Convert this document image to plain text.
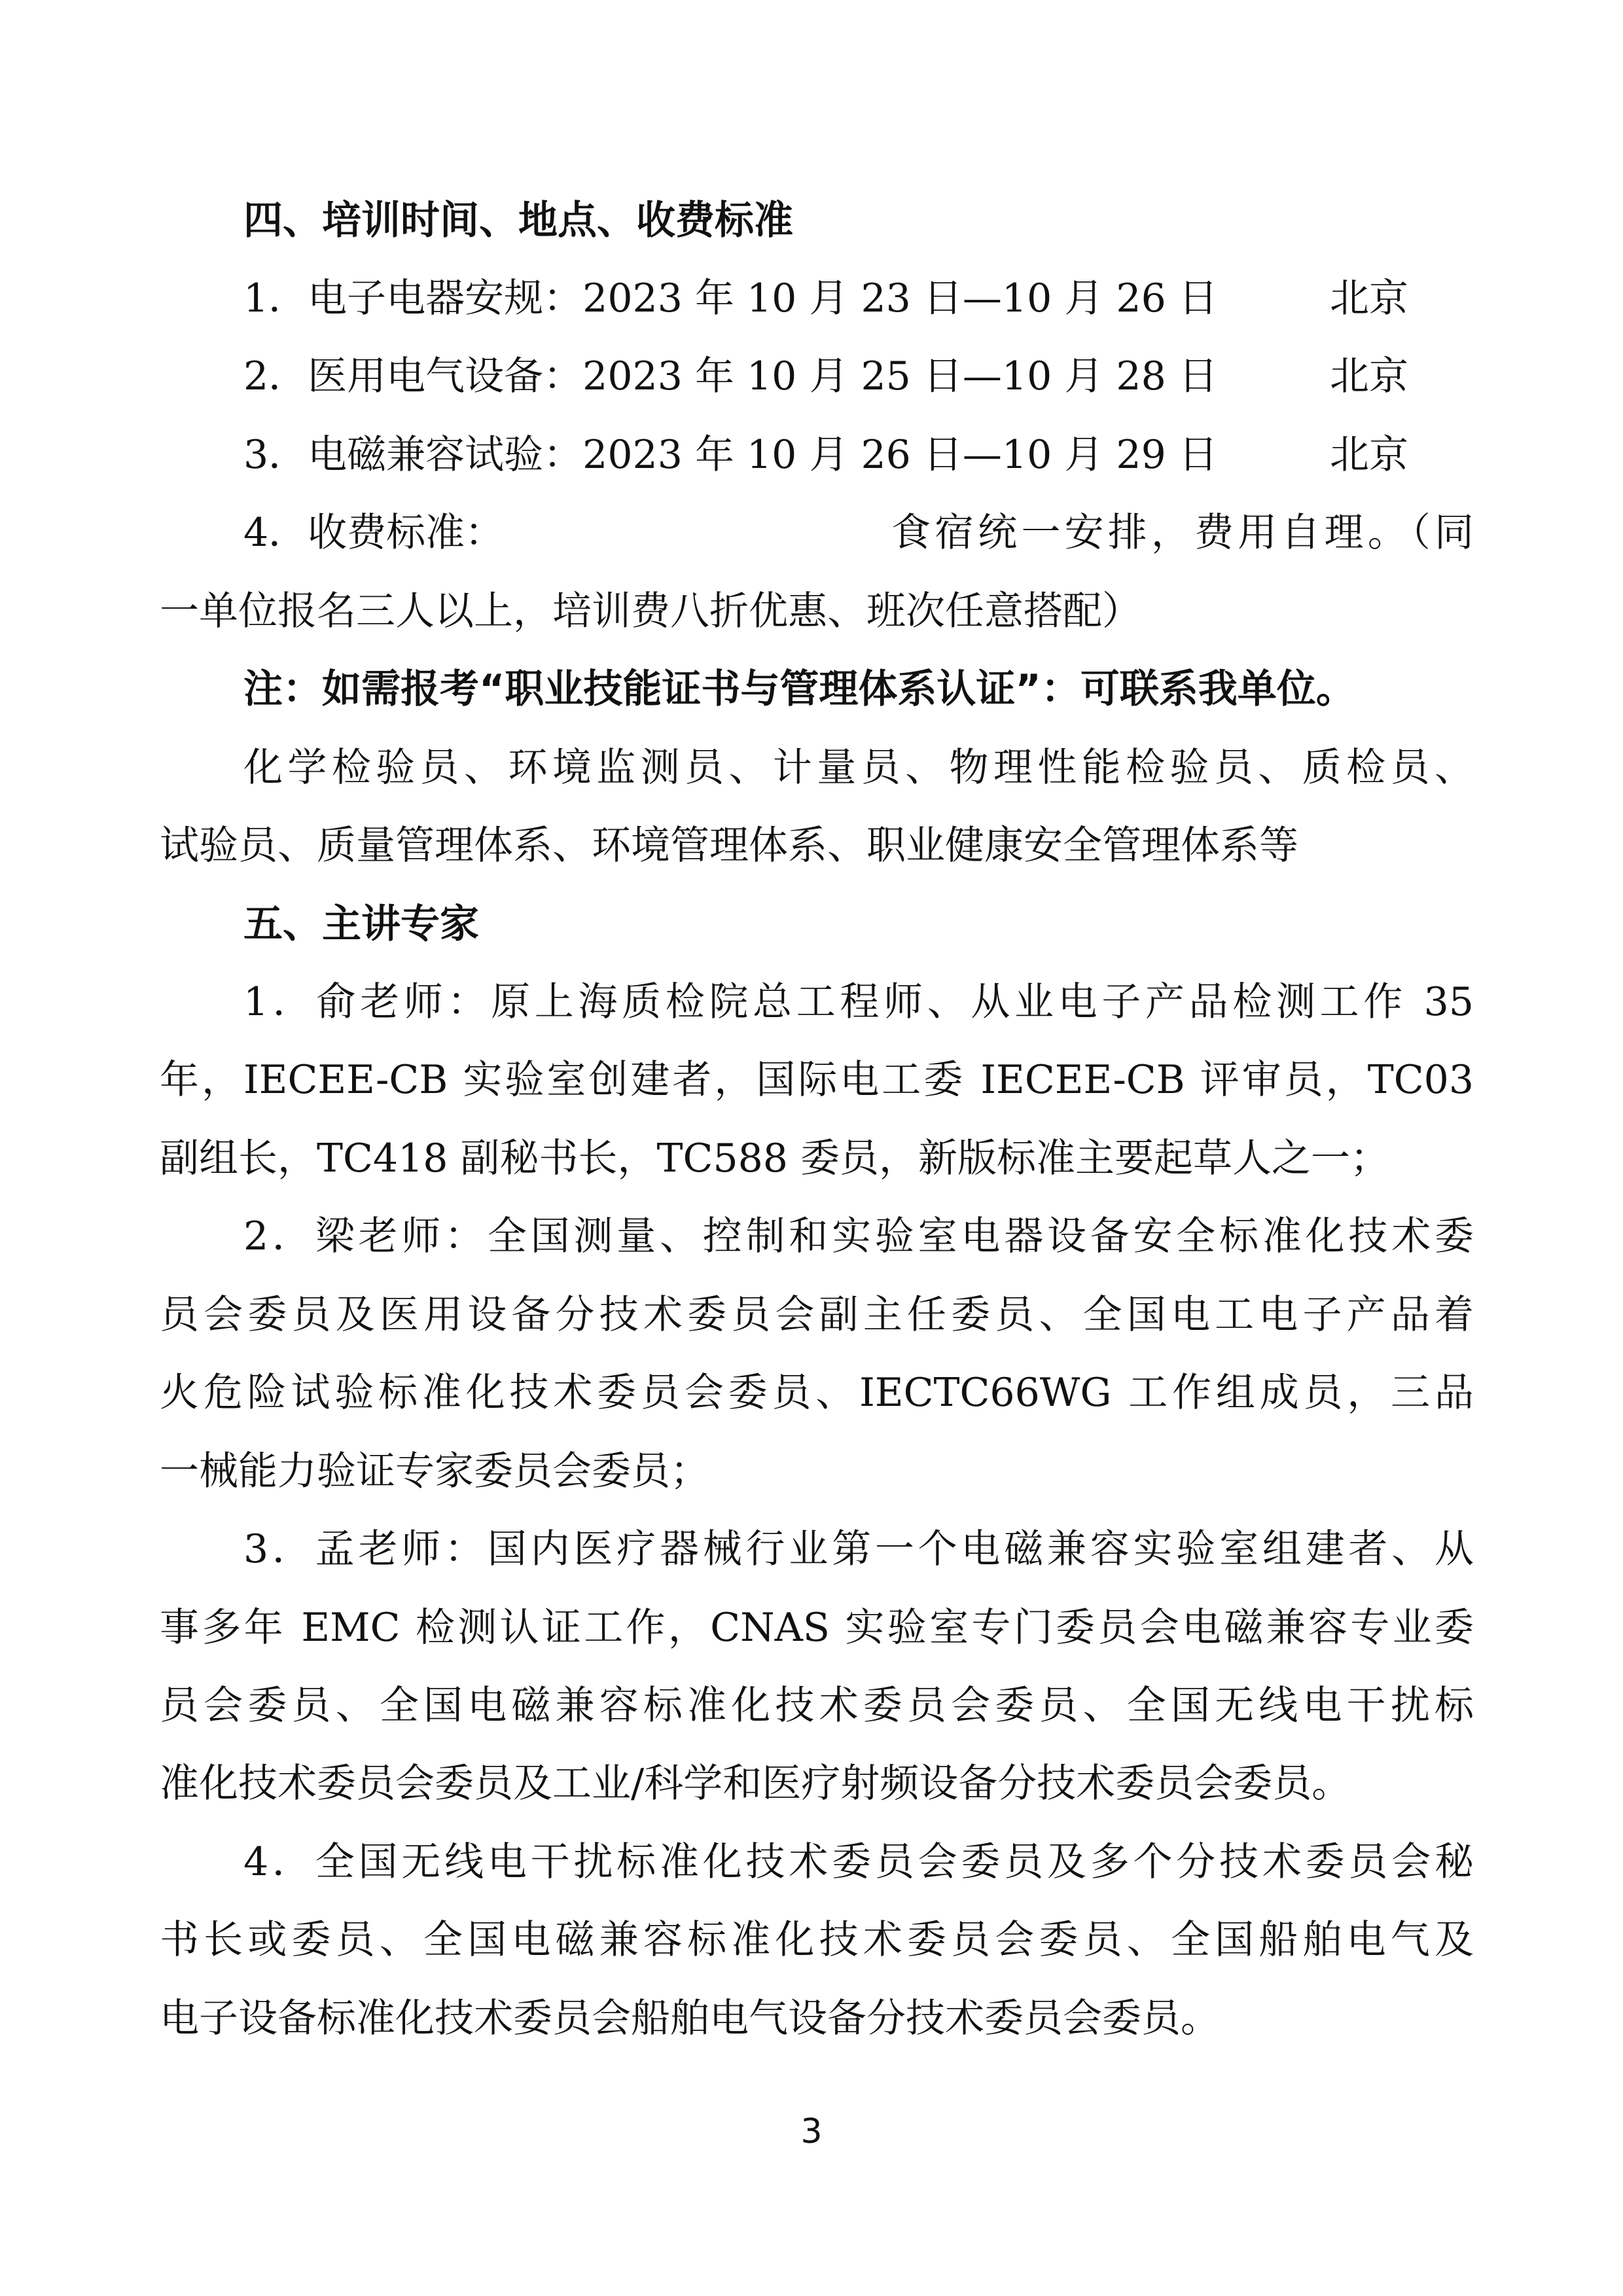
四、培训时间、地点、收费标准
1．电子电器安规：2023 年 10 月 23 日—10 月 26 日	北京
2．医用电气设备：2023 年 10 月 25 日—10 月 28 日	北京
3．电磁兼容试验：2023 年 10 月 26 日—10 月 29 日	北京
4．收费标准：	食宿统一安排，费用自理。（同
一单位报名三人以上，培训费八折优惠、班次任意搭配）
注：如需报考“职业技能证书与管理体系认证”：可联系我单位。
化学检验员、环境监测员、计量员、物理性能检验员、质检员、
试验员、质量管理体系、环境管理体系、职业健康安全管理体系等
五、主讲专家
1．俞老师：原上海质检院总工程师、从业电子产品检测工作 35
年，IECEE-CB 实验室创建者，国际电工委 IECEE-CB 评审员，TC03
副组长，TC418 副秘书长，TC588 委员，新版标准主要起草人之一；
2．梁老师：全国测量、控制和实验室电器设备安全标准化技术委
员会委员及医用设备分技术委员会副主任委员、全国电工电子产品着
火危险试验标准化技术委员会委员、IECTC66WG 工作组成员，三品
一械能力验证专家委员会委员；
3．孟老师：国内医疗器械行业第一个电磁兼容实验室组建者、从
事多年 EMC 检测认证工作，CNAS 实验室专门委员会电磁兼容专业委
员会委员、全国电磁兼容标准化技术委员会委员、全国无线电干扰标
准化技术委员会委员及工业/科学和医疗射频设备分技术委员会委员。
4．全国无线电干扰标准化技术委员会委员及多个分技术委员会秘
书长或委员、全国电磁兼容标准化技术委员会委员、全国船舶电气及
电子设备标准化技术委员会船舶电气设备分技术委员会委员。
3
